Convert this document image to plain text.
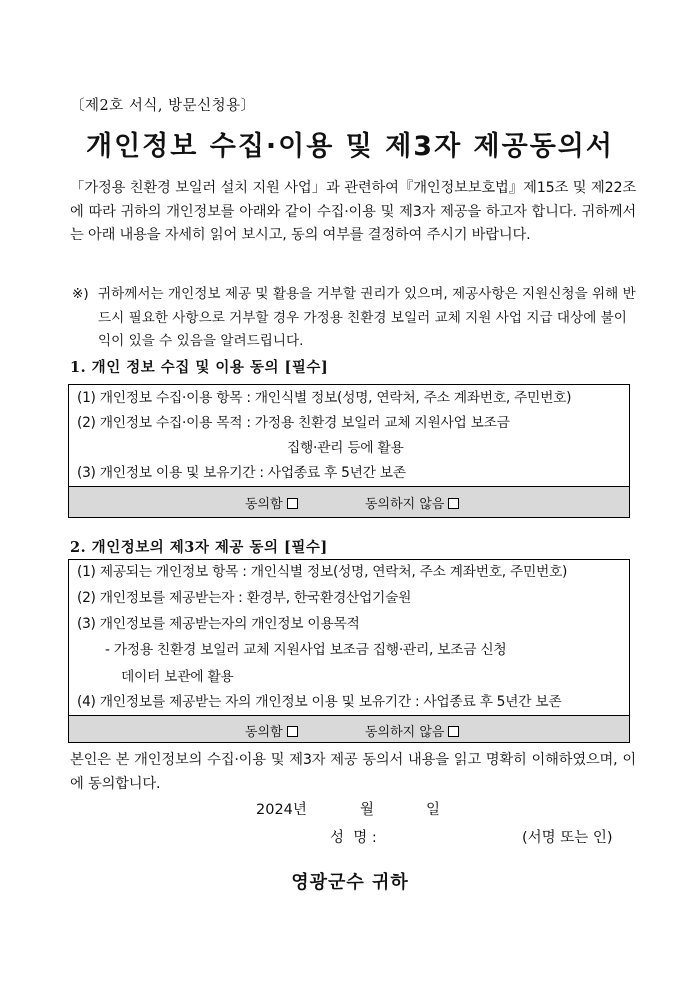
〔제2호 서식, 방문신청용〕
개인정보 수집·이용 및 제3자 제공동의서
「가정용 친환경 보일러 설치 지원 사업」과 관련하여『개인정보보호법』제15조 및 제22조에 따라 귀하의 개인정보를 아래와 같이 수집·이용 및 제3자 제공을 하고자 합니다. 귀하께서는 아래 내용을 자세히 읽어 보시고, 동의 여부를 결정하여 주시기 바랍니다.
※) 귀하께서는 개인정보 제공 및 활용을 거부할 권리가 있으며, 제공사항은 지원신청을 위해 반드시 필요한 사항으로 거부할 경우 가정용 친환경 보일러 교체 지원 사업 지급 대상에 불이익이 있을 수 있음을 알려드립니다.
1. 개인 정보 수집 및 이용 동의 [필수]
(1) 개인정보 수집·이용 항목 : 개인식별 정보(성명, 연락처, 주소 계좌번호, 주민번호)
(2) 개인정보 수집·이용 목적 : 가정용 친환경 보일러 교체 지원사업 보조금
집행·관리 등에 활용
(3) 개인정보 이용 및 보유기간 : 사업종료 후 5년간 보존
동의함	동의하지 않음
2. 개인정보의 제3자 제공 동의 [필수]
(1) 제공되는 개인정보 항목 : 개인식별 정보(성명, 연락처, 주소 계좌번호, 주민번호)
(2) 개인정보를 제공받는자 : 환경부, 한국환경산업기술원
(3) 개인정보를 제공받는자의 개인정보 이용목적
- 가정용 친환경 보일러 교체 지원사업 보조금 집행·관리, 보조금 신청
데이터 보관에 활용
(4) 개인정보를 제공받는 자의 개인정보 이용 및 보유기간 : 사업종료 후 5년간 보존
동의함	동의하지 않음
본인은 본 개인정보의 수집·이용 및 제3자 제공 동의서 내용을 읽고 명확히 이해하였으며, 이에 동의합니다.
2024년	월	일
성  명 :	(서명 또는 인)
영광군수 귀하
